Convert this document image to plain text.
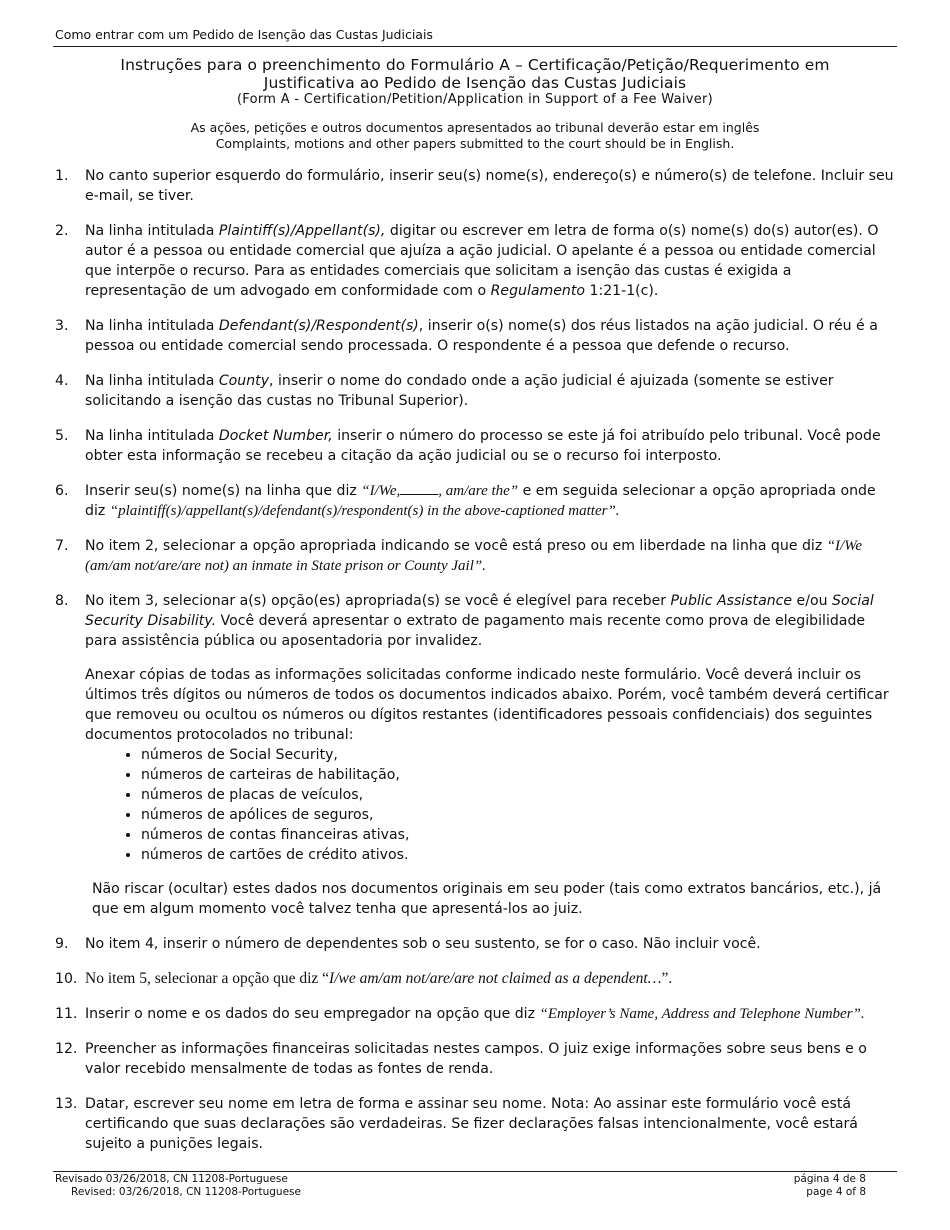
Como entrar com um Pedido de Isenção das Custas Judiciais
Instruções para o preenchimento do Formulário A – Certificação/Petição/Requerimento em
Justificativa ao Pedido de Isenção das Custas Judiciais
(Form A - Certification/Petition/Application in Support of a Fee Waiver)
As ações, petições e outros documentos apresentados ao tribunal deverão estar em inglês
Complaints, motions and other papers submitted to the court should be in English.
1.	No canto superior esquerdo do formulário, inserir seu(s) nome(s), endereço(s) e número(s) de telefone. Incluir seu e-mail, se tiver.
2.	Na linha intitulada Plaintiff(s)/Appellant(s), digitar ou escrever em letra de forma o(s) nome(s) do(s) autor(es). O autor é a pessoa ou entidade comercial que ajuíza a ação judicial. O apelante é a pessoa ou entidade comercial que interpõe o recurso. Para as entidades comerciais que solicitam a isenção das custas é exigida a representação de um advogado em conformidade com o Regulamento 1:21-1(c).
3.	Na linha intitulada Defendant(s)/Respondent(s), inserir o(s) nome(s) dos réus listados na ação judicial. O réu é a pessoa ou entidade comercial sendo processada. O respondente é a pessoa que defende o recurso.
4.	Na linha intitulada County, inserir o nome do condado onde a ação judicial é ajuizada (somente se estiver solicitando a isenção das custas no Tribunal Superior).
5.	Na linha intitulada Docket Number, inserir o número do processo se este já foi atribuído pelo tribunal. Você pode obter esta informação se recebeu a citação da ação judicial ou se o recurso foi interposto.
6.	Inserir seu(s) nome(s) na linha que diz “I/We,	, am/are the” e em seguida selecionar a opção apropriada onde diz “plaintiff(s)/appellant(s)/defendant(s)/respondent(s) in the above-captioned matter”.
7.	No item 2, selecionar a opção apropriada indicando se você está preso ou em liberdade na linha que diz “I/We (am/am not/are/are not) an inmate in State prison or County Jail”.
8.	No item 3, selecionar a(s) opção(es) apropriada(s) se você é elegível para receber Public Assistance e/ou Social Security Disability. Você deverá apresentar o extrato de pagamento mais recente como prova de elegibilidade para assistência pública ou aposentadoria por invalidez.
Anexar cópias de todas as informações solicitadas conforme indicado neste formulário. Você deverá incluir os últimos três dígitos ou números de todos os documentos indicados abaixo. Porém, você também deverá certificar que removeu ou ocultou os números ou dígitos restantes (identificadores pessoais confidenciais) dos seguintes documentos protocolados no tribunal:
• números de Social Security,
• números de carteiras de habilitação,
• números de placas de veículos,
• números de apólices de seguros,
• números de contas financeiras ativas,
• números de cartões de crédito ativos.
Não riscar (ocultar) estes dados nos documentos originais em seu poder (tais como extratos bancários, etc.), já que em algum momento você talvez tenha que apresentá-los ao juiz.
9.	No item 4, inserir o número de dependentes sob o seu sustento, se for o caso. Não incluir você.
10. No item 5, selecionar a opção que diz “I/we am/am not/are/are not claimed as a dependent…”.
11. Inserir o nome e os dados do seu empregador na opção que diz “Employer’s Name, Address and Telephone Number”.
12. Preencher as informações financeiras solicitadas nestes campos. O juiz exige informações sobre seus bens e o valor recebido mensalmente de todas as fontes de renda.
13. Datar, escrever seu nome em letra de forma e assinar seu nome. Nota: Ao assinar este formulário você está certificando que suas declarações são verdadeiras. Se fizer declarações falsas intencionalmente, você estará sujeito a punições legais.
Revisado 03/26/2018, CN 11208-Portuguese
Revised: 03/26/2018, CN 11208-Portuguese
página 4 de 8
page 4 of 8
